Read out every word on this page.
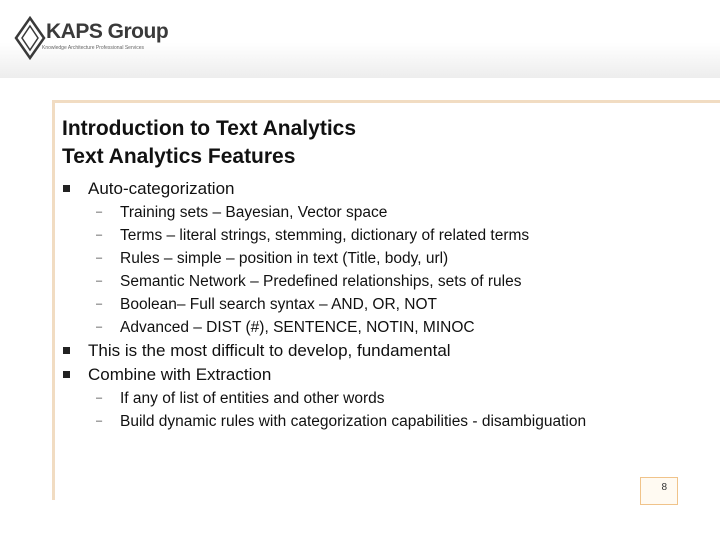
KAPS Group
Knowledge Architecture Professional Services
Introduction to Text Analytics
Text Analytics Features
Auto-categorization
– Training sets – Bayesian, Vector space
– Terms – literal strings, stemming, dictionary of related terms
– Rules – simple – position in text (Title, body, url)
– Semantic Network – Predefined relationships, sets of rules
– Boolean– Full search syntax – AND, OR, NOT
– Advanced – DIST (#), SENTENCE, NOTIN, MINOC
This is the most difficult to develop, fundamental
Combine with Extraction
– If any of list of entities and other words
– Build dynamic rules with categorization capabilities - disambiguation
8
